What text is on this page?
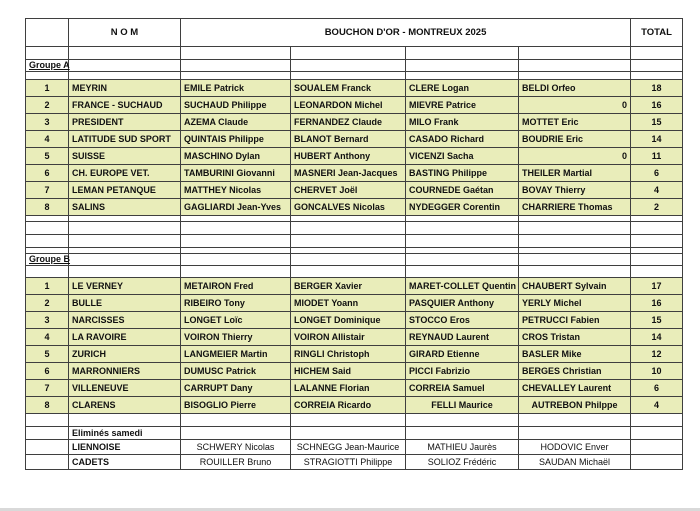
	N O M	BOUCHON D'OR - MONTREUX 2025				TOTAL

Groupe A						

1	MEYRIN	EMILE Patrick	SOUALEM Franck	CLERE Logan	BELDI Orfeo	18
2	FRANCE - SUCHAUD	SUCHAUD Philippe	LEONARDON Michel	MIEVRE Patrice	0	16
3	PRESIDENT	AZEMA Claude	FERNANDEZ Claude	MILO Frank	MOTTET Eric	15
4	LATITUDE SUD SPORT	QUINTAIS Philippe	BLANOT Bernard	CASADO Richard	BOUDRIE Eric	14
5	SUISSE	MASCHINO Dylan	HUBERT Anthony	VICENZI Sacha	0	11
6	CH. EUROPE VET.	TAMBURINI Giovanni	MASNERI Jean-Jacques	BASTING Philippe	THEILER Martial	6
7	LEMAN PETANQUE	MATTHEY Nicolas	CHERVET Joël	COURNEDE Gaétan	BOVAY Thierry	4
8	SALINS	GAGLIARDI Jean-Yves	GONCALVES Nicolas	NYDEGGER Corentin	CHARRIERE Thomas	2

Groupe B						

1	LE VERNEY	METAIRON Fred	BERGER Xavier	MARET-COLLET Quentin	CHAUBERT Sylvain	17
2	BULLE	RIBEIRO Tony	MIODET Yoann	PASQUIER Anthony	YERLY Michel	16
3	NARCISSES	LONGET Loïc	LONGET Dominique	STOCCO Eros	PETRUCCI Fabien	15
4	LA RAVOIRE	VOIRON Thierry	VOIRON Allistair	REYNAUD Laurent	CROS Tristan	14
5	ZURICH	LANGMEIER Martin	RINGLI Christoph	GIRARD Etienne	BASLER Mike	12
6	MARRONNIERS	DUMUSC Patrick	HICHEM Said	PICCI Fabrizio	BERGES Christian	10
7	VILLENEUVE	CARRUPT Dany	LALANNE Florian	CORREIA Samuel	CHEVALLEY Laurent	6
8	CLARENS	BISOGLIO Pierre	CORREIA Ricardo	FELLI Maurice	AUTREBON Philppe	4

	Eliminés samedi					
	LIENNOISE	SCHWERY Nicolas	SCHNEGG Jean-Maurice	MATHIEU Jaurès	HODOVIC Enver	
	CADETS	ROUILLER Bruno	STRAGIOTTI Philippe	SOLIOZ Frédéric	SAUDAN Michaël	
